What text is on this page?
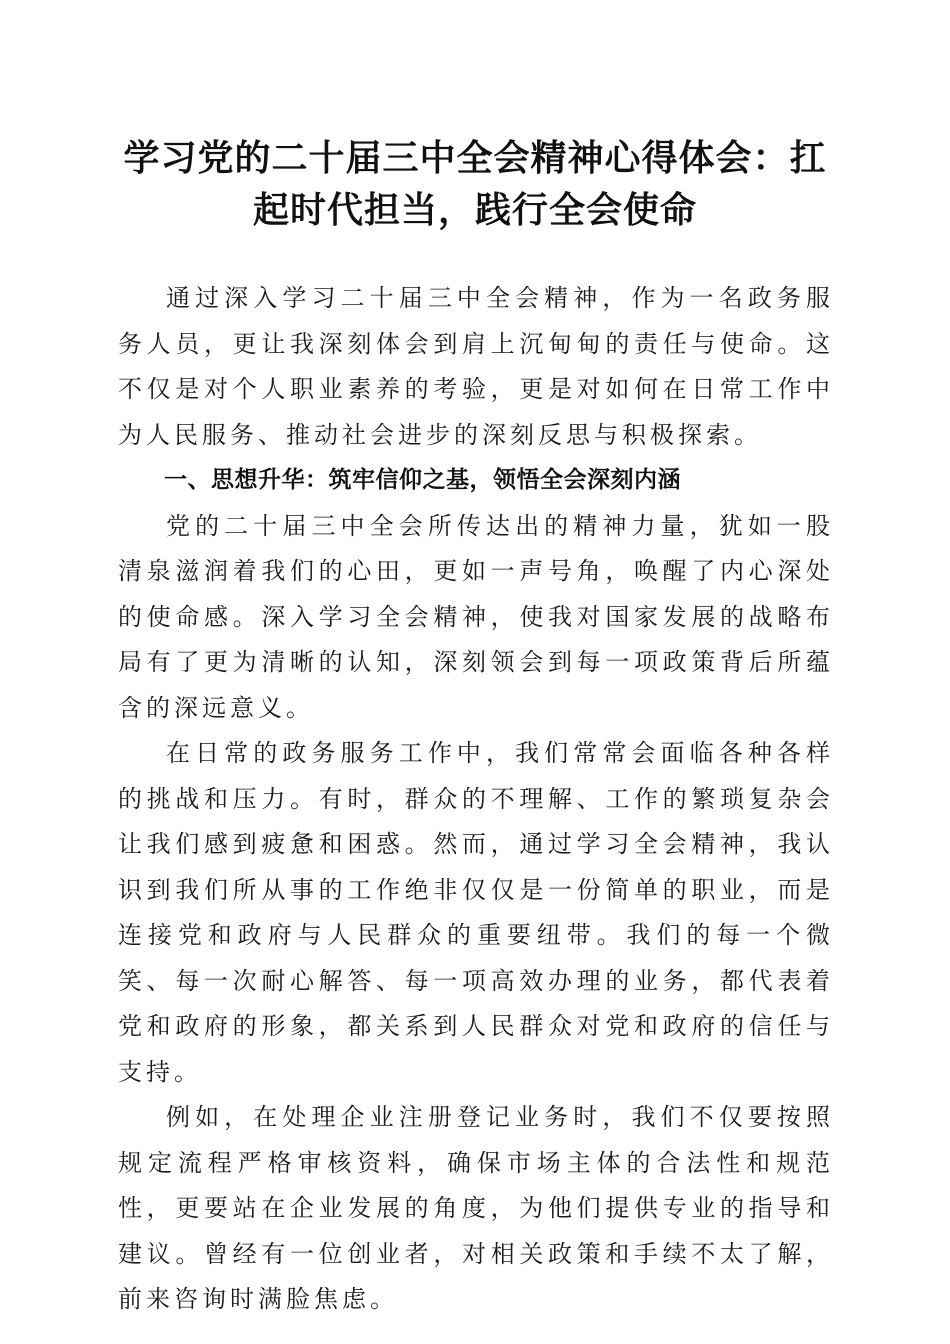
学习党的二十届三中全会精神心得体会：扛起时代担当，践行全会使命

通过深入学习二十届三中全会精神，作为一名政务服务人员，更让我深刻体会到肩上沉甸甸的责任与使命。这不仅是对个人职业素养的考验，更是对如何在日常工作中为人民服务、推动社会进步的深刻反思与积极探索。

一、思想升华：筑牢信仰之基，领悟全会深刻内涵

党的二十届三中全会所传达出的精神力量，犹如一股清泉滋润着我们的心田，更如一声号角，唤醒了内心深处的使命感。深入学习全会精神，使我对国家发展的战略布局有了更为清晰的认知，深刻领会到每一项政策背后所蕴含的深远意义。

在日常的政务服务工作中，我们常常会面临各种各样的挑战和压力。有时，群众的不理解、工作的繁琐复杂会让我们感到疲惫和困惑。然而，通过学习全会精神，我认识到我们所从事的工作绝非仅仅是一份简单的职业，而是连接党和政府与人民群众的重要纽带。我们的每一个微笑、每一次耐心解答、每一项高效办理的业务，都代表着党和政府的形象，都关系到人民群众对党和政府的信任与支持。

例如，在处理企业注册登记业务时，我们不仅要按照规定流程严格审核资料，确保市场主体的合法性和规范性，更要站在企业发展的角度，为他们提供专业的指导和建议。曾经有一位创业者，对相关政策和手续不太了解，前来咨询时满脸焦虑。
